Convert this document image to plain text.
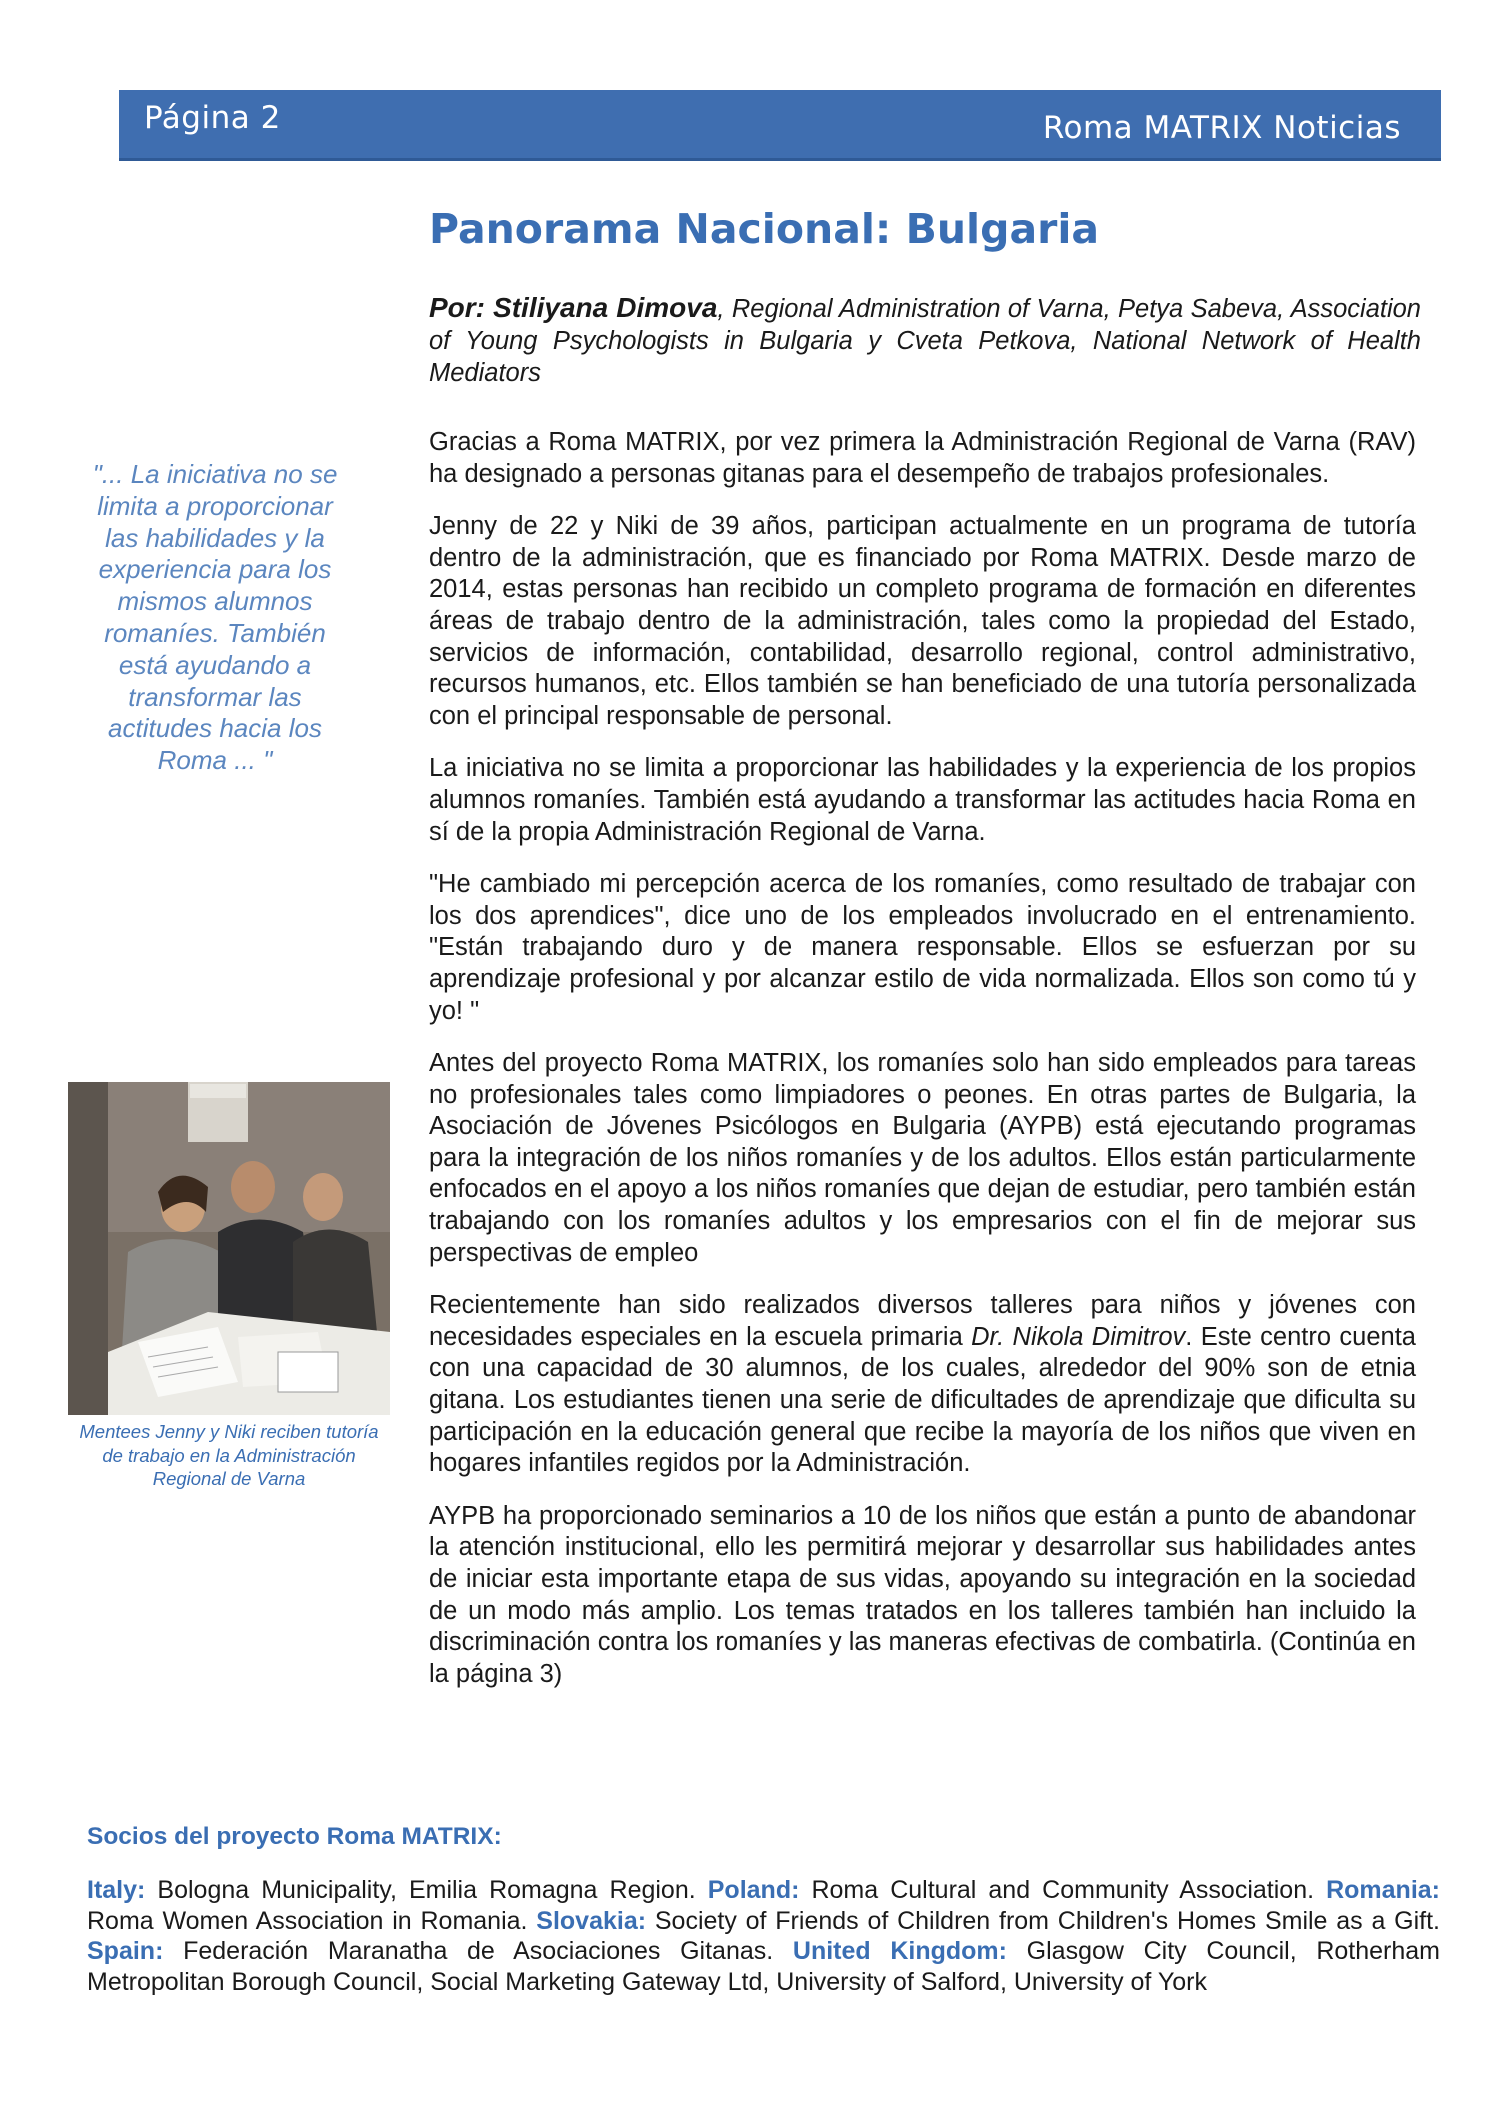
Página 2	Roma MATRIX Noticias
Panorama Nacional: Bulgaria
Por: Stiliyana Dimova, Regional Administration of Varna, Petya Sabeva, Association of Young Psychologists in Bulgaria y Cveta Petkova, National Network of Health Mediators
"... La iniciativa no se limita a proporcionar las habilidades y la experiencia para los mismos alumnos romaníes. También está ayudando a transformar las actitudes hacia los Roma ... "
Mentees Jenny y Niki reciben tutoría de trabajo en la Administración Regional de Varna

Gracias a Roma MATRIX, por vez primera la Administración Regional de Varna (RAV) ha designado a personas gitanas para el desempeño de trabajos profesionales.

Jenny de 22 y Niki de 39 años, participan actualmente en un programa de tutoría dentro de la administración, que es financiado por Roma MATRIX. Desde marzo de 2014, estas personas han recibido un completo programa de formación en diferentes áreas de trabajo dentro de la administración, tales como la propiedad del Estado, servicios de información, contabilidad, desarrollo regional, control administrativo, recursos humanos, etc. Ellos también se han beneficiado de una tutoría personalizada con el principal responsable de personal.

La iniciativa no se limita a proporcionar las habilidades y la experiencia de los propios alumnos romaníes. También está ayudando a transformar las actitudes hacia Roma en sí de la propia Administración Regional de Varna.

"He cambiado mi percepción acerca de los romaníes, como resultado de trabajar con los dos aprendices", dice uno de los empleados involucrado en el entrenamiento. "Están trabajando duro y de manera responsable. Ellos se esfuerzan por su aprendizaje profesional y por alcanzar estilo de vida normalizada. Ellos son como tú y yo! "

Antes del proyecto Roma MATRIX, los romaníes solo han sido empleados para tareas no profesionales tales como limpiadores o peones. En otras partes de Bulgaria, la Asociación de Jóvenes Psicólogos en Bulgaria (AYPB) está ejecutando programas para la integración de los niños romaníes y de los adultos. Ellos están particularmente enfocados en el apoyo a los niños romaníes que dejan de estudiar, pero también están trabajando con los romaníes adultos y los empresarios con el fin de mejorar sus perspectivas de empleo

Recientemente han sido realizados diversos talleres para niños y jóvenes con necesidades especiales en la escuela primaria Dr. Nikola Dimitrov. Este centro cuenta con una capacidad de 30 alumnos, de los cuales, alrededor del 90% son de etnia gitana. Los estudiantes tienen una serie de dificultades de aprendizaje que dificulta su participación en la educación general que recibe la mayoría de los niños que viven en hogares infantiles regidos por la Administración.

AYPB ha proporcionado seminarios a 10 de los niños que están a punto de abandonar la atención institucional, ello les permitirá mejorar y desarrollar sus habilidades antes de iniciar esta importante etapa de sus vidas, apoyando su integración en la sociedad de un modo más amplio. Los temas tratados en los talleres también han incluido la discriminación contra los romaníes y las maneras efectivas de combatirla. (Continúa en la página 3)

Socios del proyecto Roma MATRIX:
Italy: Bologna Municipality, Emilia Romagna Region. Poland: Roma Cultural and Community Association. Romania: Roma Women Association in Romania. Slovakia: Society of Friends of Children from Children's Homes Smile as a Gift. Spain: Federación Maranatha de Asociaciones Gitanas. United Kingdom: Glasgow City Council, Rotherham Metropolitan Borough Council, Social Marketing Gateway Ltd, University of Salford, University of York
